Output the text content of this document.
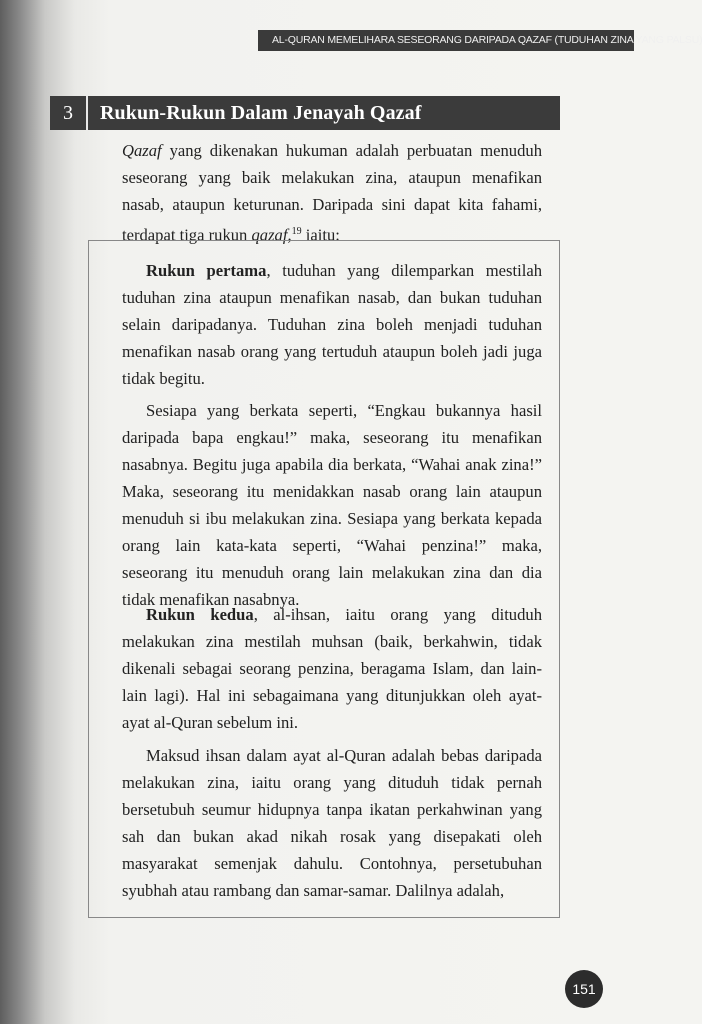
AL-QURAN MEMELIHARA SESEORANG DARIPADA QAZAF (TUDUHAN ZINA YANG PALSU)
3	Rukun-Rukun Dalam Jenayah Qazaf

Qazaf yang dikenakan hukuman adalah perbuatan menuduh seseorang yang baik melakukan zina, ataupun menafikan nasab, ataupun keturunan. Daripada sini dapat kita fahami, terdapat tiga rukun qazaf,$^{19}$ iaitu:

Rukun pertama, tuduhan yang dilemparkan mestilah tuduhan zina ataupun menafikan nasab, dan bukan tuduhan selain daripadanya. Tuduhan zina boleh menjadi tuduhan menafikan nasab orang yang tertuduh ataupun boleh jadi juga tidak begitu.

Sesiapa yang berkata seperti, “Engkau bukannya hasil daripada bapa engkau!” maka, seseorang itu menafikan nasabnya. Begitu juga apabila dia berkata, “Wahai anak zina!” Maka, seseorang itu menidakkan nasab orang lain ataupun menuduh si ibu melakukan zina. Sesiapa yang berkata kepada orang lain kata-kata seperti, “Wahai penzina!” maka, seseorang itu menuduh orang lain melakukan zina dan dia tidak menafikan nasabnya.

Rukun kedua, al-ihsan, iaitu orang yang dituduh melakukan zina mestilah muhsan (baik, berkahwin, tidak dikenali sebagai seorang penzina, beragama Islam, dan lain-lain lagi). Hal ini sebagaimana yang ditunjukkan oleh ayat-ayat al-Quran sebelum ini.

Maksud ihsan dalam ayat al-Quran adalah bebas daripada melakukan zina, iaitu orang yang dituduh tidak pernah bersetubuh seumur hidupnya tanpa ikatan perkahwinan yang sah dan bukan akad nikah rosak yang disepakati oleh masyarakat semenjak dahulu. Contohnya, persetubuhan syubhah atau rambang dan samar-samar. Dalilnya adalah,

151
